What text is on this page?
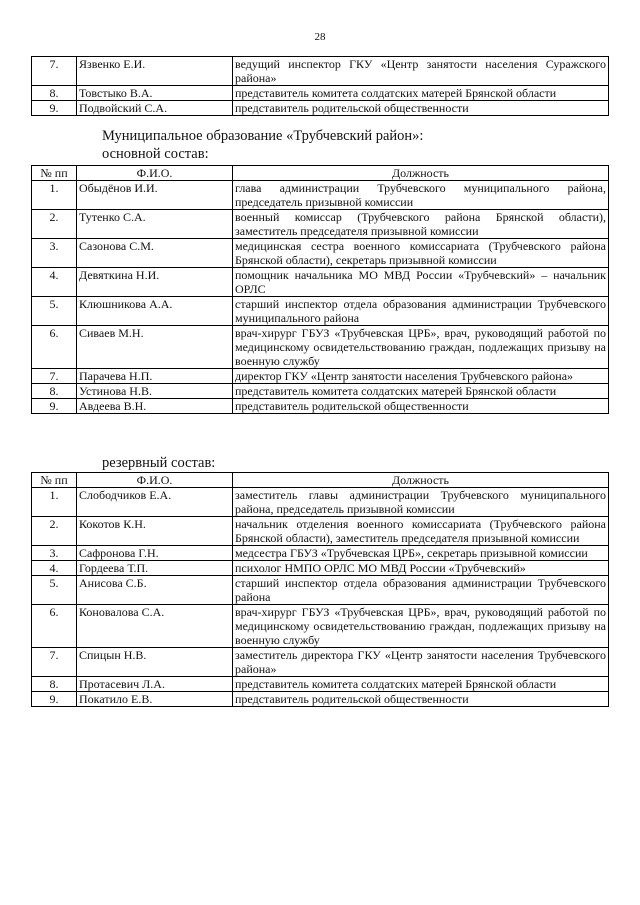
28
7.	Язвенко Е.И.	ведущий инспектор ГКУ «Центр занятости населения Суражского района»
8.	Товстыко В.А.	представитель комитета солдатских матерей Брянской области
9.	Подвойский С.А.	представитель родительской общественности
Муниципальное образование «Трубчевский район»:
основной состав:
№ пп	Ф.И.О.	Должность
1.	Обыдёнов И.И.	глава администрации Трубчевского муниципального района, председатель призывной комиссии
2.	Тутенко С.А.	военный комиссар (Трубчевского района Брянской области), заместитель председателя призывной комиссии
3.	Сазонова С.М.	медицинская сестра военного комиссариата (Трубчевского района Брянской области), секретарь призывной комиссии
4.	Девяткина Н.И.	помощник начальника МО МВД России «Трубчевский» – начальник ОРЛС
5.	Клюшникова А.А.	старший инспектор отдела образования администрации Трубчевского муниципального района
6.	Сиваев М.Н.	врач-хирург ГБУЗ «Трубчевская ЦРБ», врач, руководящий работой по медицинскому освидетельствованию граждан, подлежащих призыву на военную службу
7.	Парачева Н.П.	директор ГКУ «Центр занятости населения Трубчевского района»
8.	Устинова Н.В.	представитель комитета солдатских матерей Брянской области
9.	Авдеева В.Н.	представитель родительской общественности
резервный состав:
№ пп	Ф.И.О.	Должность
1.	Слободчиков Е.А.	заместитель главы администрации Трубчевского муниципального района, председатель призывной комиссии
2.	Кокотов К.Н.	начальник отделения военного комиссариата (Трубчевского района Брянской области), заместитель председателя призывной комиссии
3.	Сафронова Г.Н.	медсестра ГБУЗ «Трубчевская ЦРБ», секретарь призывной комиссии
4.	Гордеева Т.П.	психолог НМПО ОРЛС МО МВД России «Трубчевский»
5.	Анисова С.Б.	старший инспектор отдела образования администрации Трубчевского района
6.	Коновалова С.А.	врач-хирург ГБУЗ «Трубчевская ЦРБ», врач, руководящий работой по медицинскому освидетельствованию граждан, подлежащих призыву на военную службу
7.	Спицын Н.В.	заместитель директора ГКУ «Центр занятости населения Трубчевского района»
8.	Протасевич Л.А.	представитель комитета солдатских матерей Брянской области
9.	Покатило Е.В.	представитель родительской общественности
